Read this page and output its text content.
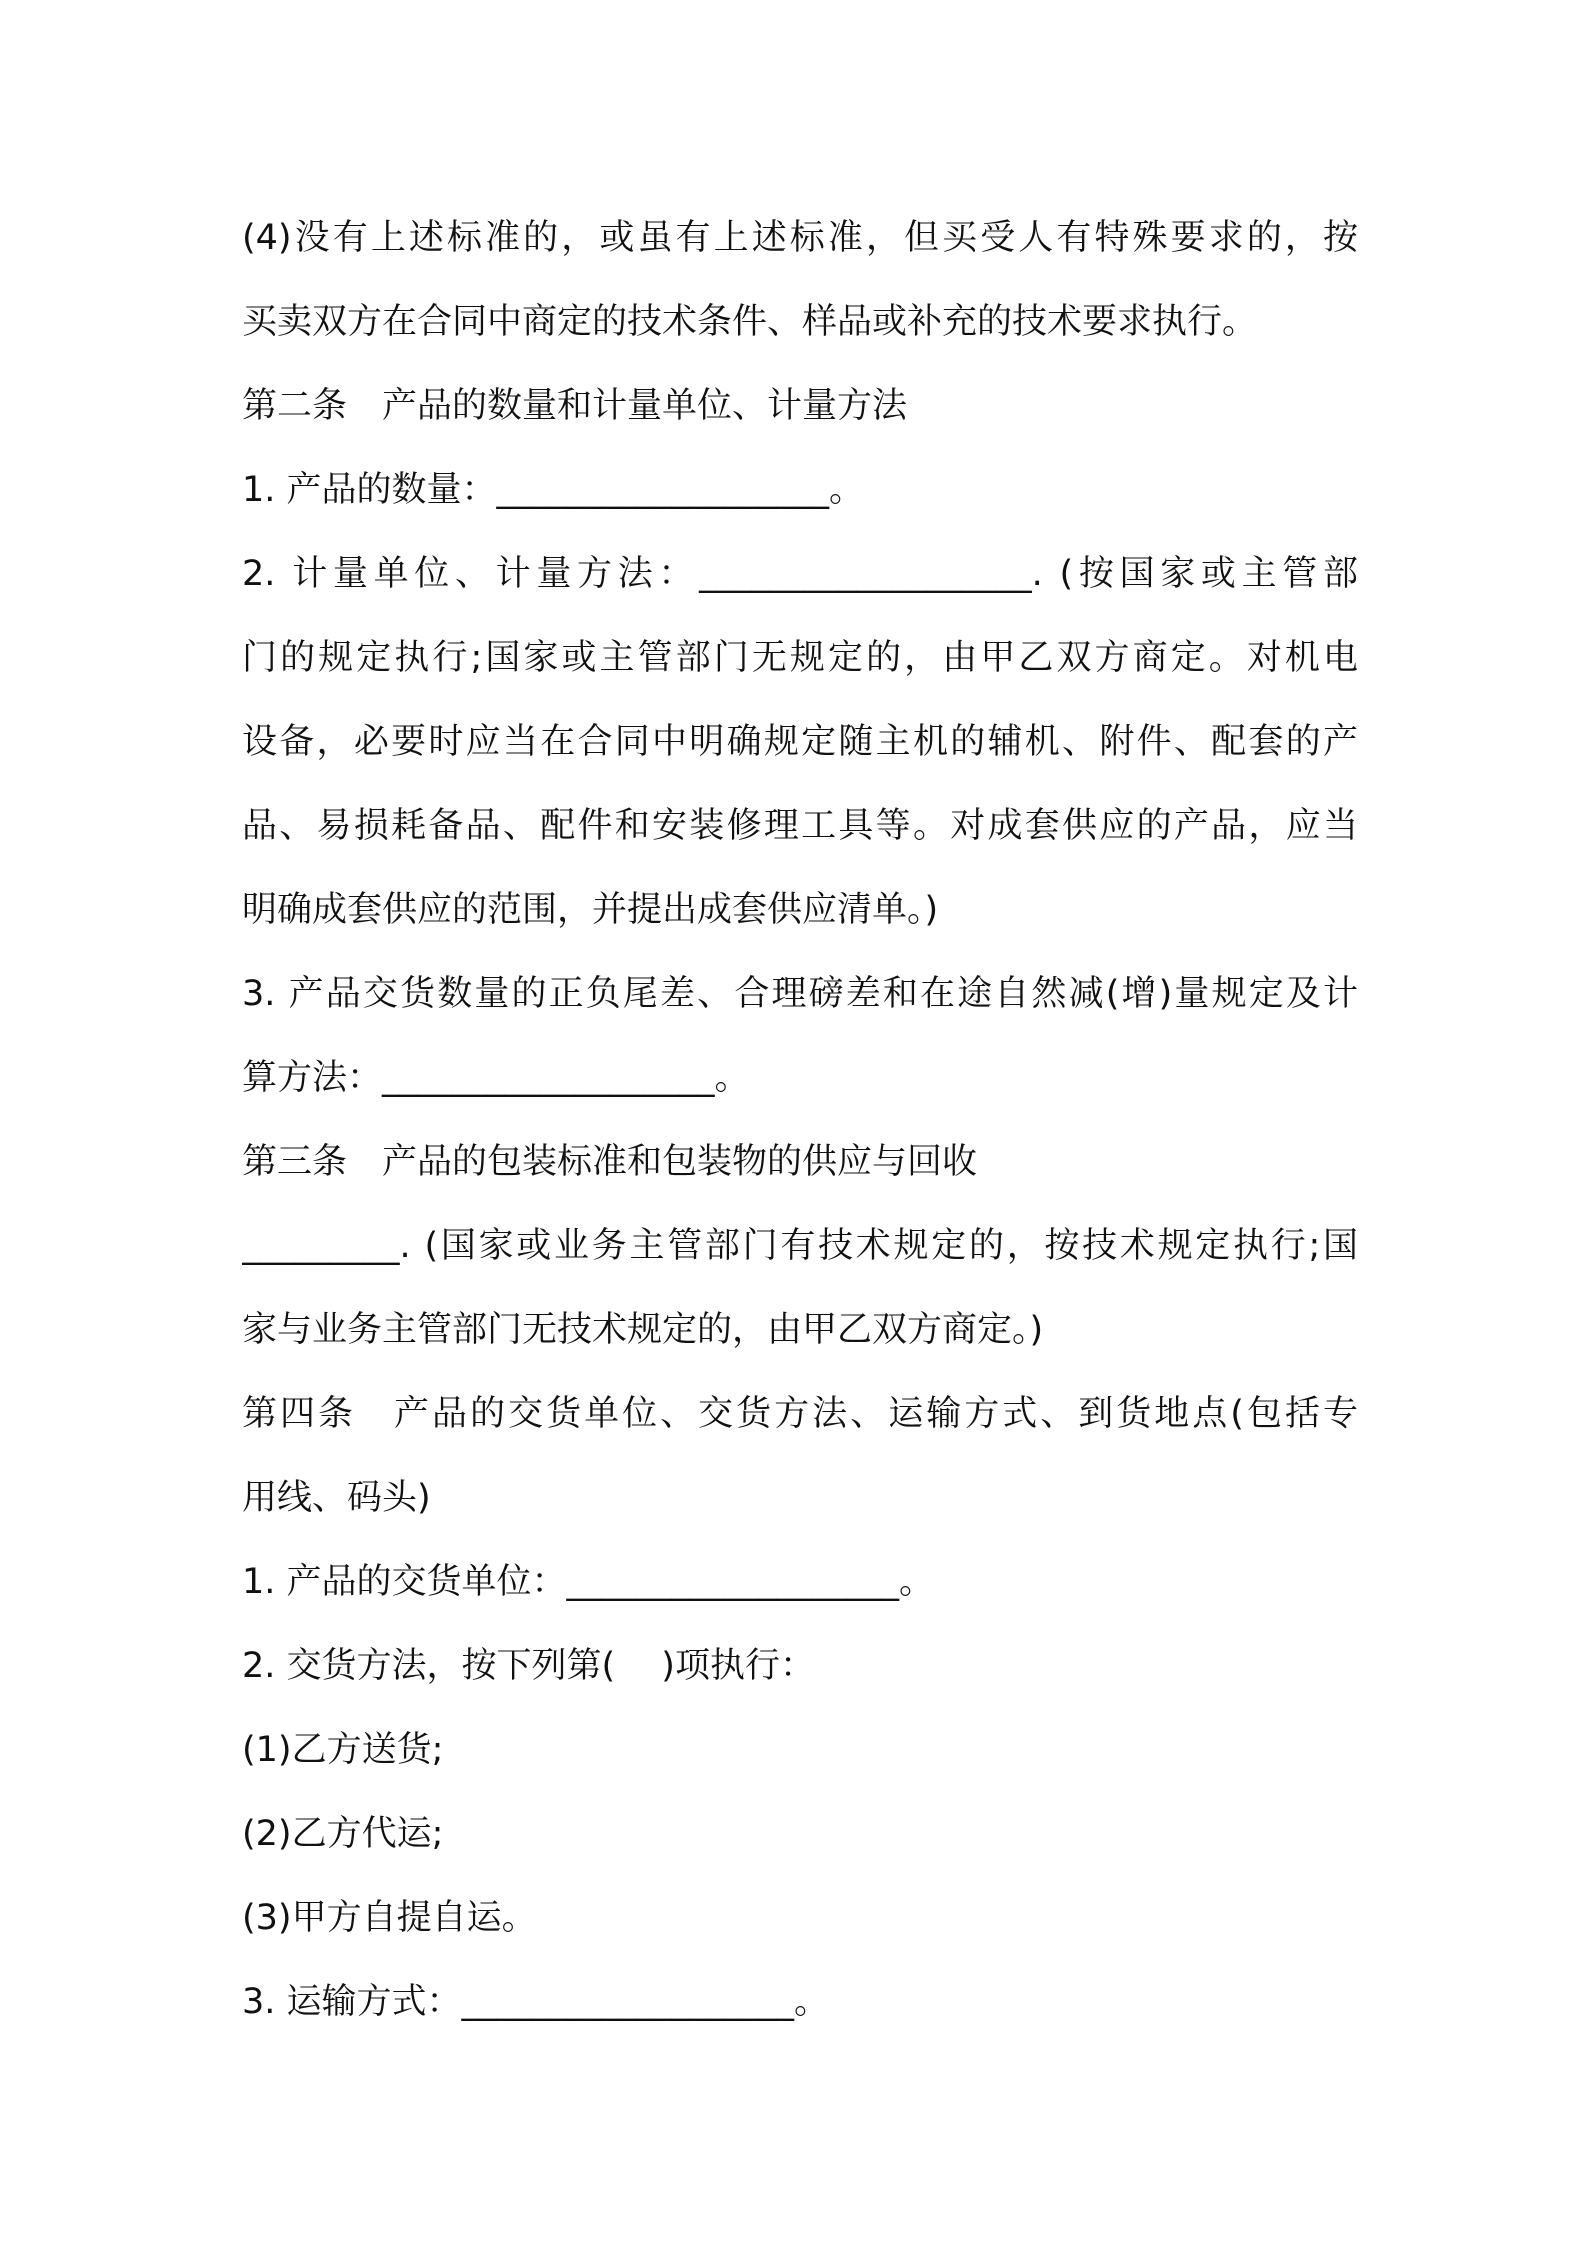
(4)没有上述标准的，或虽有上述标准，但买受人有特殊要求的，按
买卖双方在合同中商定的技术条件、样品或补充的技术要求执行。
第二条　产品的数量和计量单位、计量方法
1. 产品的数量：___________________。
2. 计量单位、计量方法：___________________. (按国家或主管部
门的规定执行;国家或主管部门无规定的，由甲乙双方商定。对机电
设备，必要时应当在合同中明确规定随主机的辅机、附件、配套的产
品、易损耗备品、配件和安装修理工具等。对成套供应的产品，应当
明确成套供应的范围，并提出成套供应清单。)
3. 产品交货数量的正负尾差、合理磅差和在途自然减(增)量规定及计
算方法：___________________。
第三条　产品的包装标准和包装物的供应与回收
_________. (国家或业务主管部门有技术规定的，按技术规定执行;国
家与业务主管部门无技术规定的，由甲乙双方商定。)
第四条　产品的交货单位、交货方法、运输方式、到货地点(包括专
用线、码头)
1. 产品的交货单位：___________________。
2. 交货方法，按下列第(　 )项执行：
(1)乙方送货;
(2)乙方代运;
(3)甲方自提自运。
3. 运输方式：___________________。
